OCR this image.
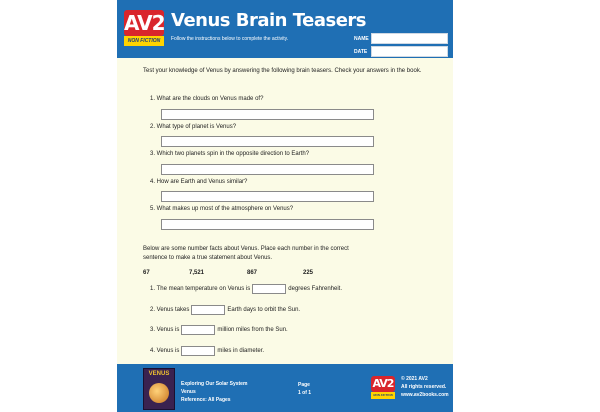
AV2
NON FICTION
Venus Brain Teasers
Follow the instructions below to complete the activity.	NAME
DATE
Test your knowledge of Venus by answering the following brain teasers. Check your answers in the book.
1. What are the clouds on Venus made of?
2. What type of planet is Venus?
3. Which two planets spin in the opposite direction to Earth?
4. How are Earth and Venus similar?
5. What makes up most of the atmosphere on Venus?
Below are some number facts about Venus. Place each number in the correct sentence to make a true statement about Venus.
67	7,521	867	225
1. The mean temperature on Venus is	degrees Fahrenheit.
2. Venus takes	Earth days to orbit the Sun.
3. Venus is	million miles from the Sun.
4. Venus is	miles in diameter.
VENUS
Exploring Our Solar System
Venus
Reference: All Pages
Page
1 of 1
AV2
NON FICTION
© 2021 AV2
All rights reserved.
www.av2books.com
